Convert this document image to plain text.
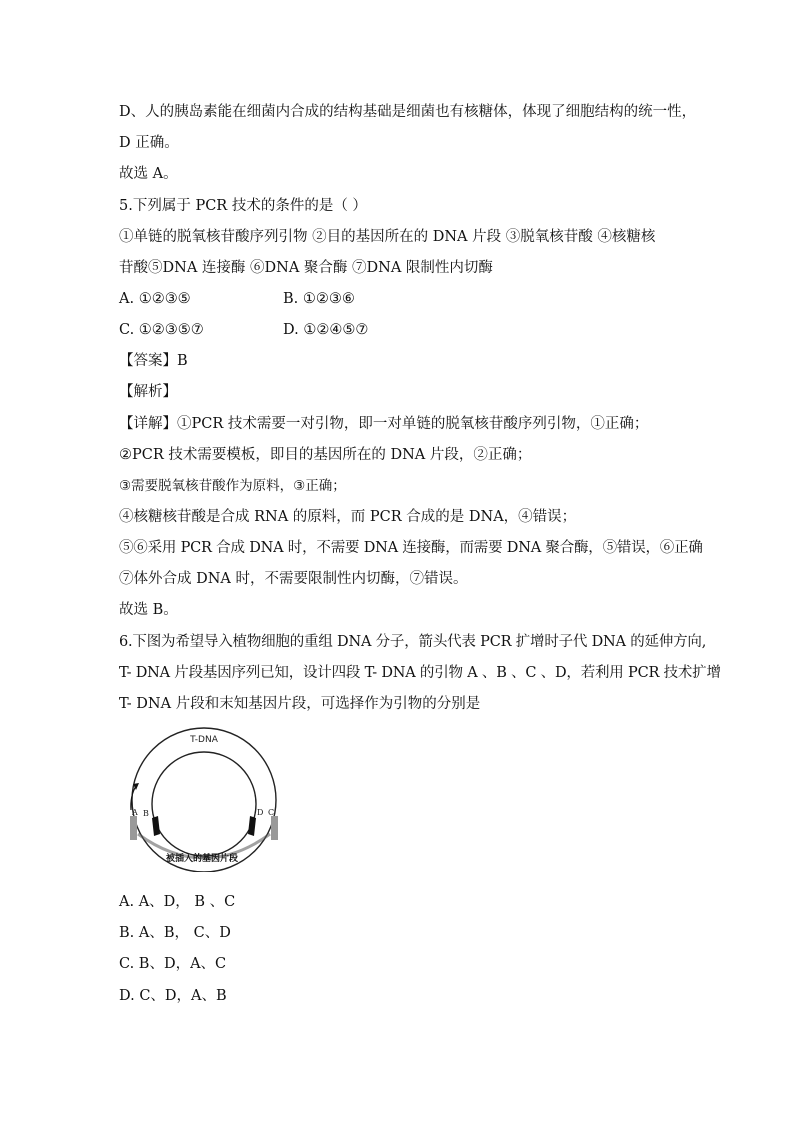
D、人的胰岛素能在细菌内合成的结构基础是细菌也有核糖体，体现了细胞结构的统一性，
D 正确。
故选 A。
5.下列属于 PCR 技术的条件的是（ ）
①单链的脱氧核苷酸序列引物 ②目的基因所在的 DNA 片段 ③脱氧核苷酸 ④核糖核
苷酸⑤DNA 连接酶 ⑥DNA 聚合酶 ⑦DNA 限制性内切酶
A. ①②③⑤	B. ①②③⑥
C. ①②③⑤⑦	D. ①②④⑤⑦
【答案】B
【解析】
【详解】①PCR 技术需要一对引物，即一对单链的脱氧核苷酸序列引物，①正确；
②PCR 技术需要模板，即目的基因所在的 DNA 片段，②正确；
③需要脱氧核苷酸作为原料，③正确；
④核糖核苷酸是合成 RNA 的原料，而 PCR 合成的是 DNA，④错误；
⑤⑥采用 PCR 合成 DNA 时，不需要 DNA 连接酶，而需要 DNA 聚合酶，⑤错误，⑥正确
⑦体外合成 DNA 时，不需要限制性内切酶，⑦错误。
故选 B。
6.下图为希望导入植物细胞的重组 DNA 分子，箭头代表 PCR 扩增时子代 DNA 的延伸方向,
T- DNA 片段基因序列已知，设计四段 T- DNA 的引物 A 、B 、C 、D，若利用 PCR 技术扩增
T- DNA 片段和末知基因片段，可选择作为引物的分别是
T-DNA
A B	D C
被插入的基因片段
A. A、D， B 、C
B. A、B， C、D
C. B、D，A、C
D. C、D，A、B
